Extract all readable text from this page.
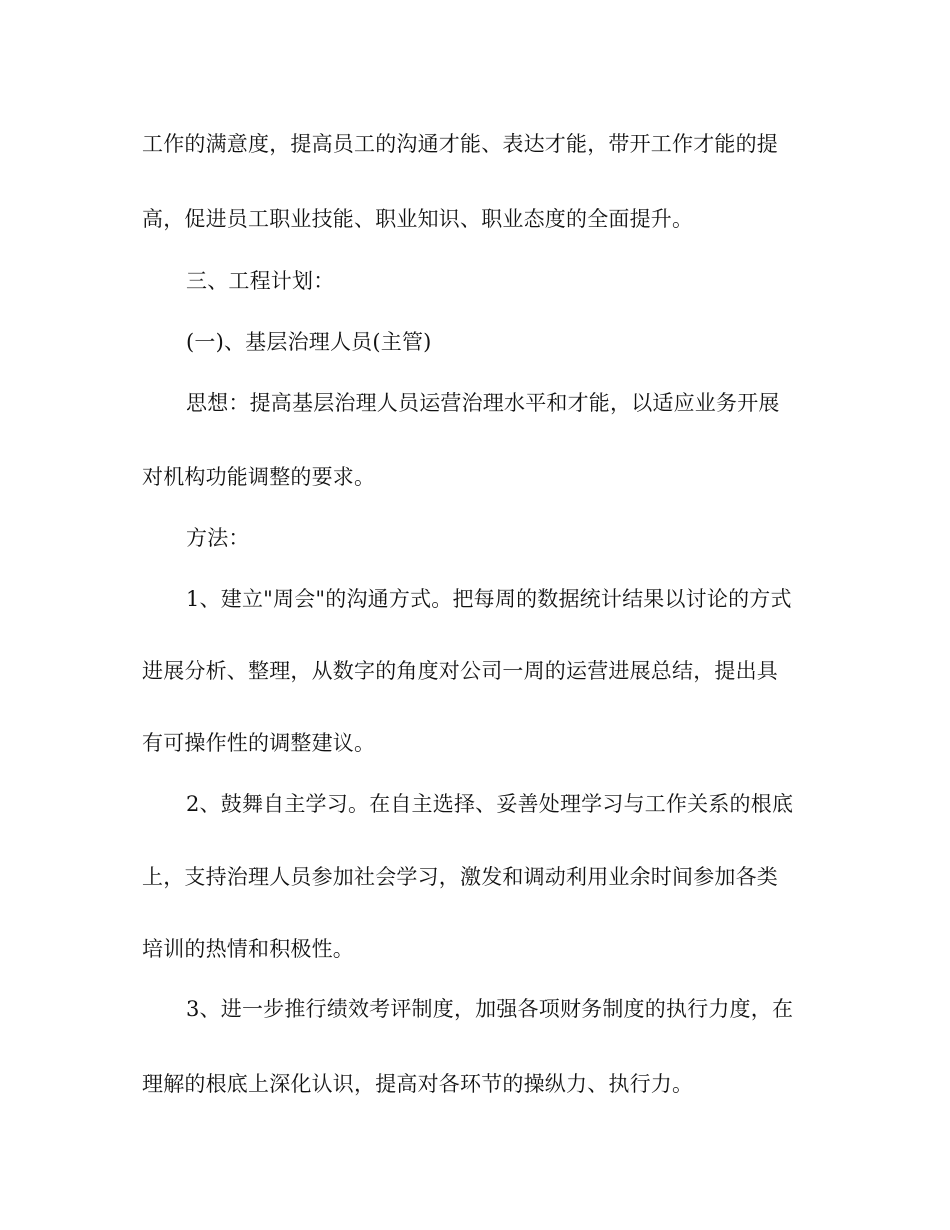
工作的满意度，提高员工的沟通才能、表达才能，带开工作才能的提
高，促进员工职业技能、职业知识、职业态度的全面提升。
三、工程计划：
(一)、基层治理人员(主管)
思想：提高基层治理人员运营治理水平和才能，以适应业务开展
对机构功能调整的要求。
方法：
1、建立"周会"的沟通方式。把每周的数据统计结果以讨论的方式
进展分析、整理，从数字的角度对公司一周的运营进展总结，提出具
有可操作性的调整建议。
2、鼓舞自主学习。在自主选择、妥善处理学习与工作关系的根底
上，支持治理人员参加社会学习，激发和调动利用业余时间参加各类
培训的热情和积极性。
3、进一步推行绩效考评制度，加强各项财务制度的执行力度，在
理解的根底上深化认识，提高对各环节的操纵力、执行力。
